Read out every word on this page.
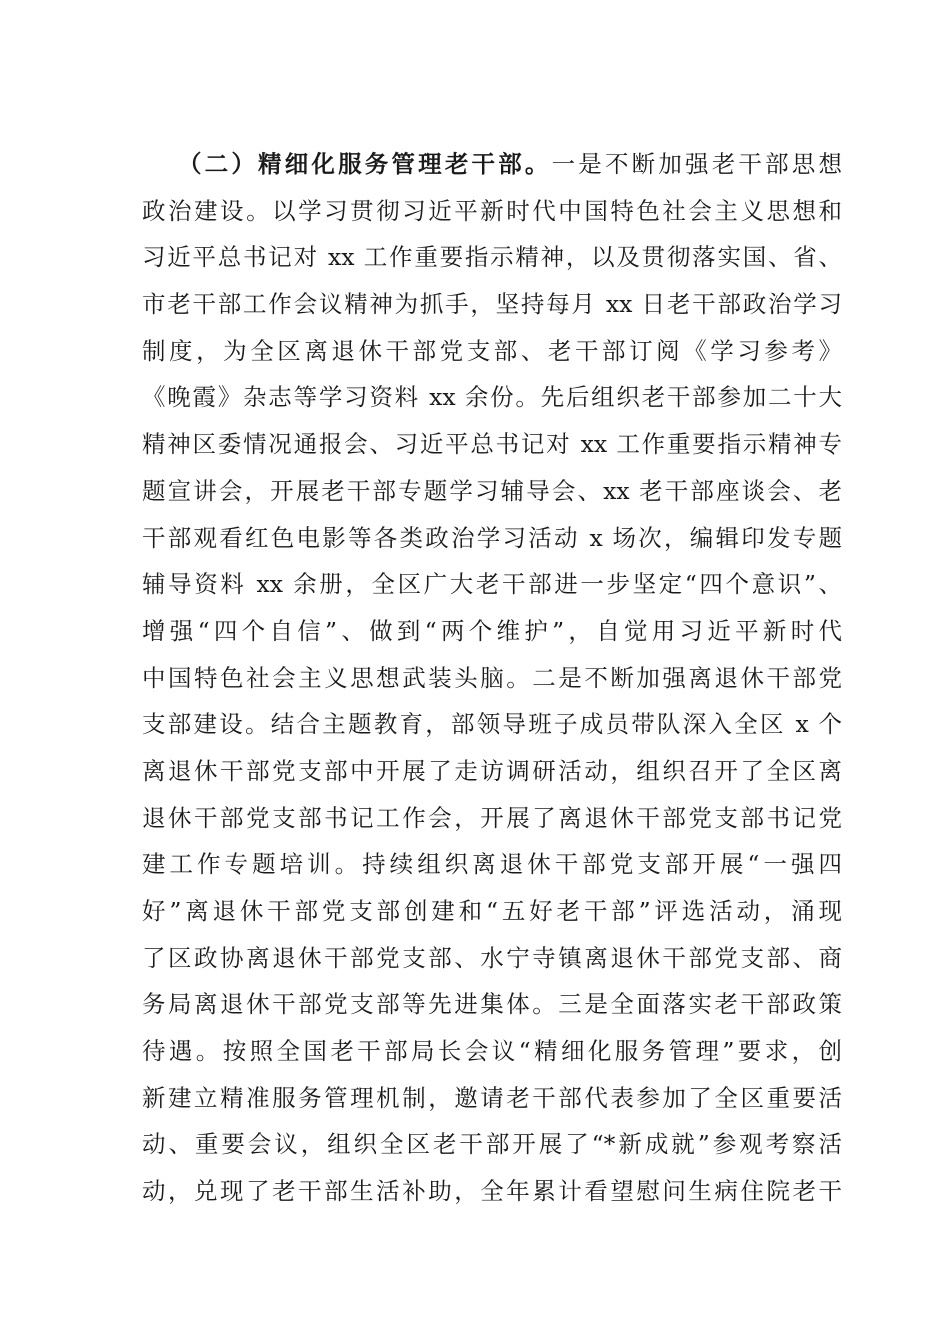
（二）精细化服务管理老干部。一是不断加强老干部思想
政治建设。以学习贯彻习近平新时代中国特色社会主义思想和
习近平总书记对 xx 工作重要指示精神，以及贯彻落实国、省、
市老干部工作会议精神为抓手，坚持每月 xx 日老干部政治学习
制度，为全区离退休干部党支部、老干部订阅《学习参考》
《晚霞》杂志等学习资料 xx 余份。先后组织老干部参加二十大
精神区委情况通报会、习近平总书记对 xx 工作重要指示精神专
题宣讲会，开展老干部专题学习辅导会、xx 老干部座谈会、老
干部观看红色电影等各类政治学习活动 x 场次，编辑印发专题
辅导资料 xx 余册，全区广大老干部进一步坚定“四个意识”、
增强“四个自信”、做到“两个维护”，自觉用习近平新时代
中国特色社会主义思想武装头脑。二是不断加强离退休干部党
支部建设。结合主题教育，部领导班子成员带队深入全区 x 个
离退休干部党支部中开展了走访调研活动，组织召开了全区离
退休干部党支部书记工作会，开展了离退休干部党支部书记党
建工作专题培训。持续组织离退休干部党支部开展“一强四
好”离退休干部党支部创建和“五好老干部”评选活动，涌现
了区政协离退休干部党支部、水宁寺镇离退休干部党支部、商
务局离退休干部党支部等先进集体。三是全面落实老干部政策
待遇。按照全国老干部局长会议“精细化服务管理”要求，创
新建立精准服务管理机制，邀请老干部代表参加了全区重要活
动、重要会议，组织全区老干部开展了“*新成就”参观考察活
动，兑现了老干部生活补助，全年累计看望慰问生病住院老干
